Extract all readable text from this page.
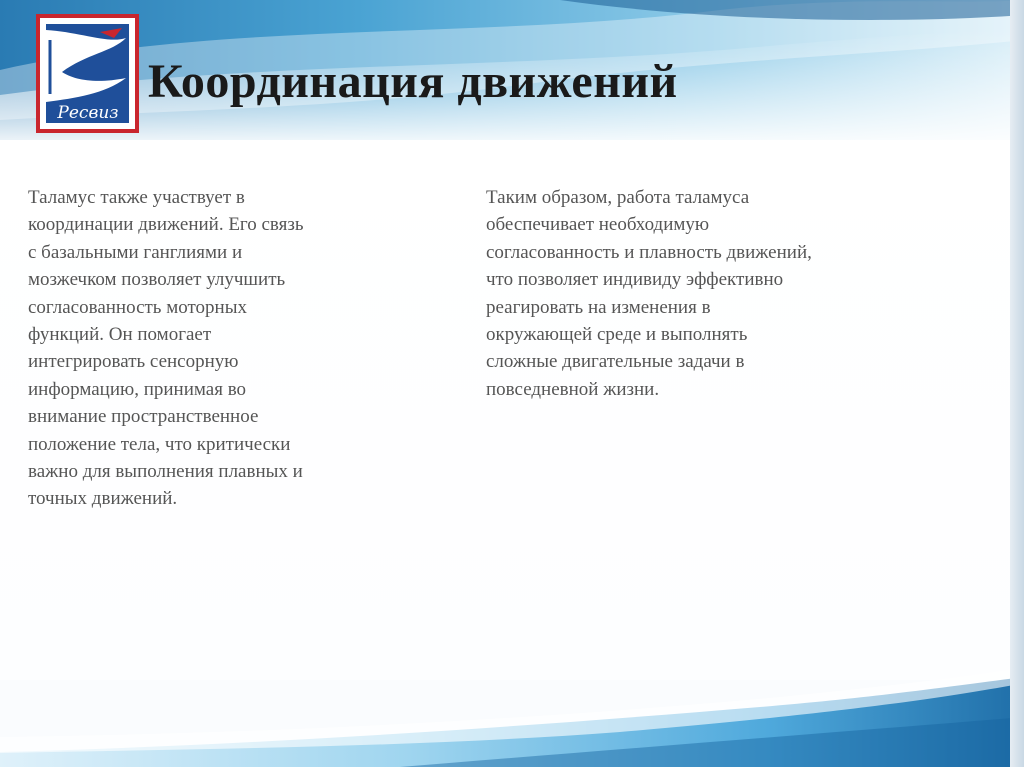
Pесвиз
Координация движений
Таламус также участвует в
координации движений. Его связь
с базальными ганглиями и
мозжечком позволяет улучшить
согласованность моторных
функций. Он помогает
интегрировать сенсорную
информацию, принимая во
внимание пространственное
положение тела, что критически
важно для выполнения плавных и
точных движений.
Таким образом, работа таламуса
обеспечивает необходимую
согласованность и плавность движений,
что позволяет индивиду эффективно
реагировать на изменения в
окружающей среде и выполнять
сложные двигательные задачи в
повседневной жизни.
